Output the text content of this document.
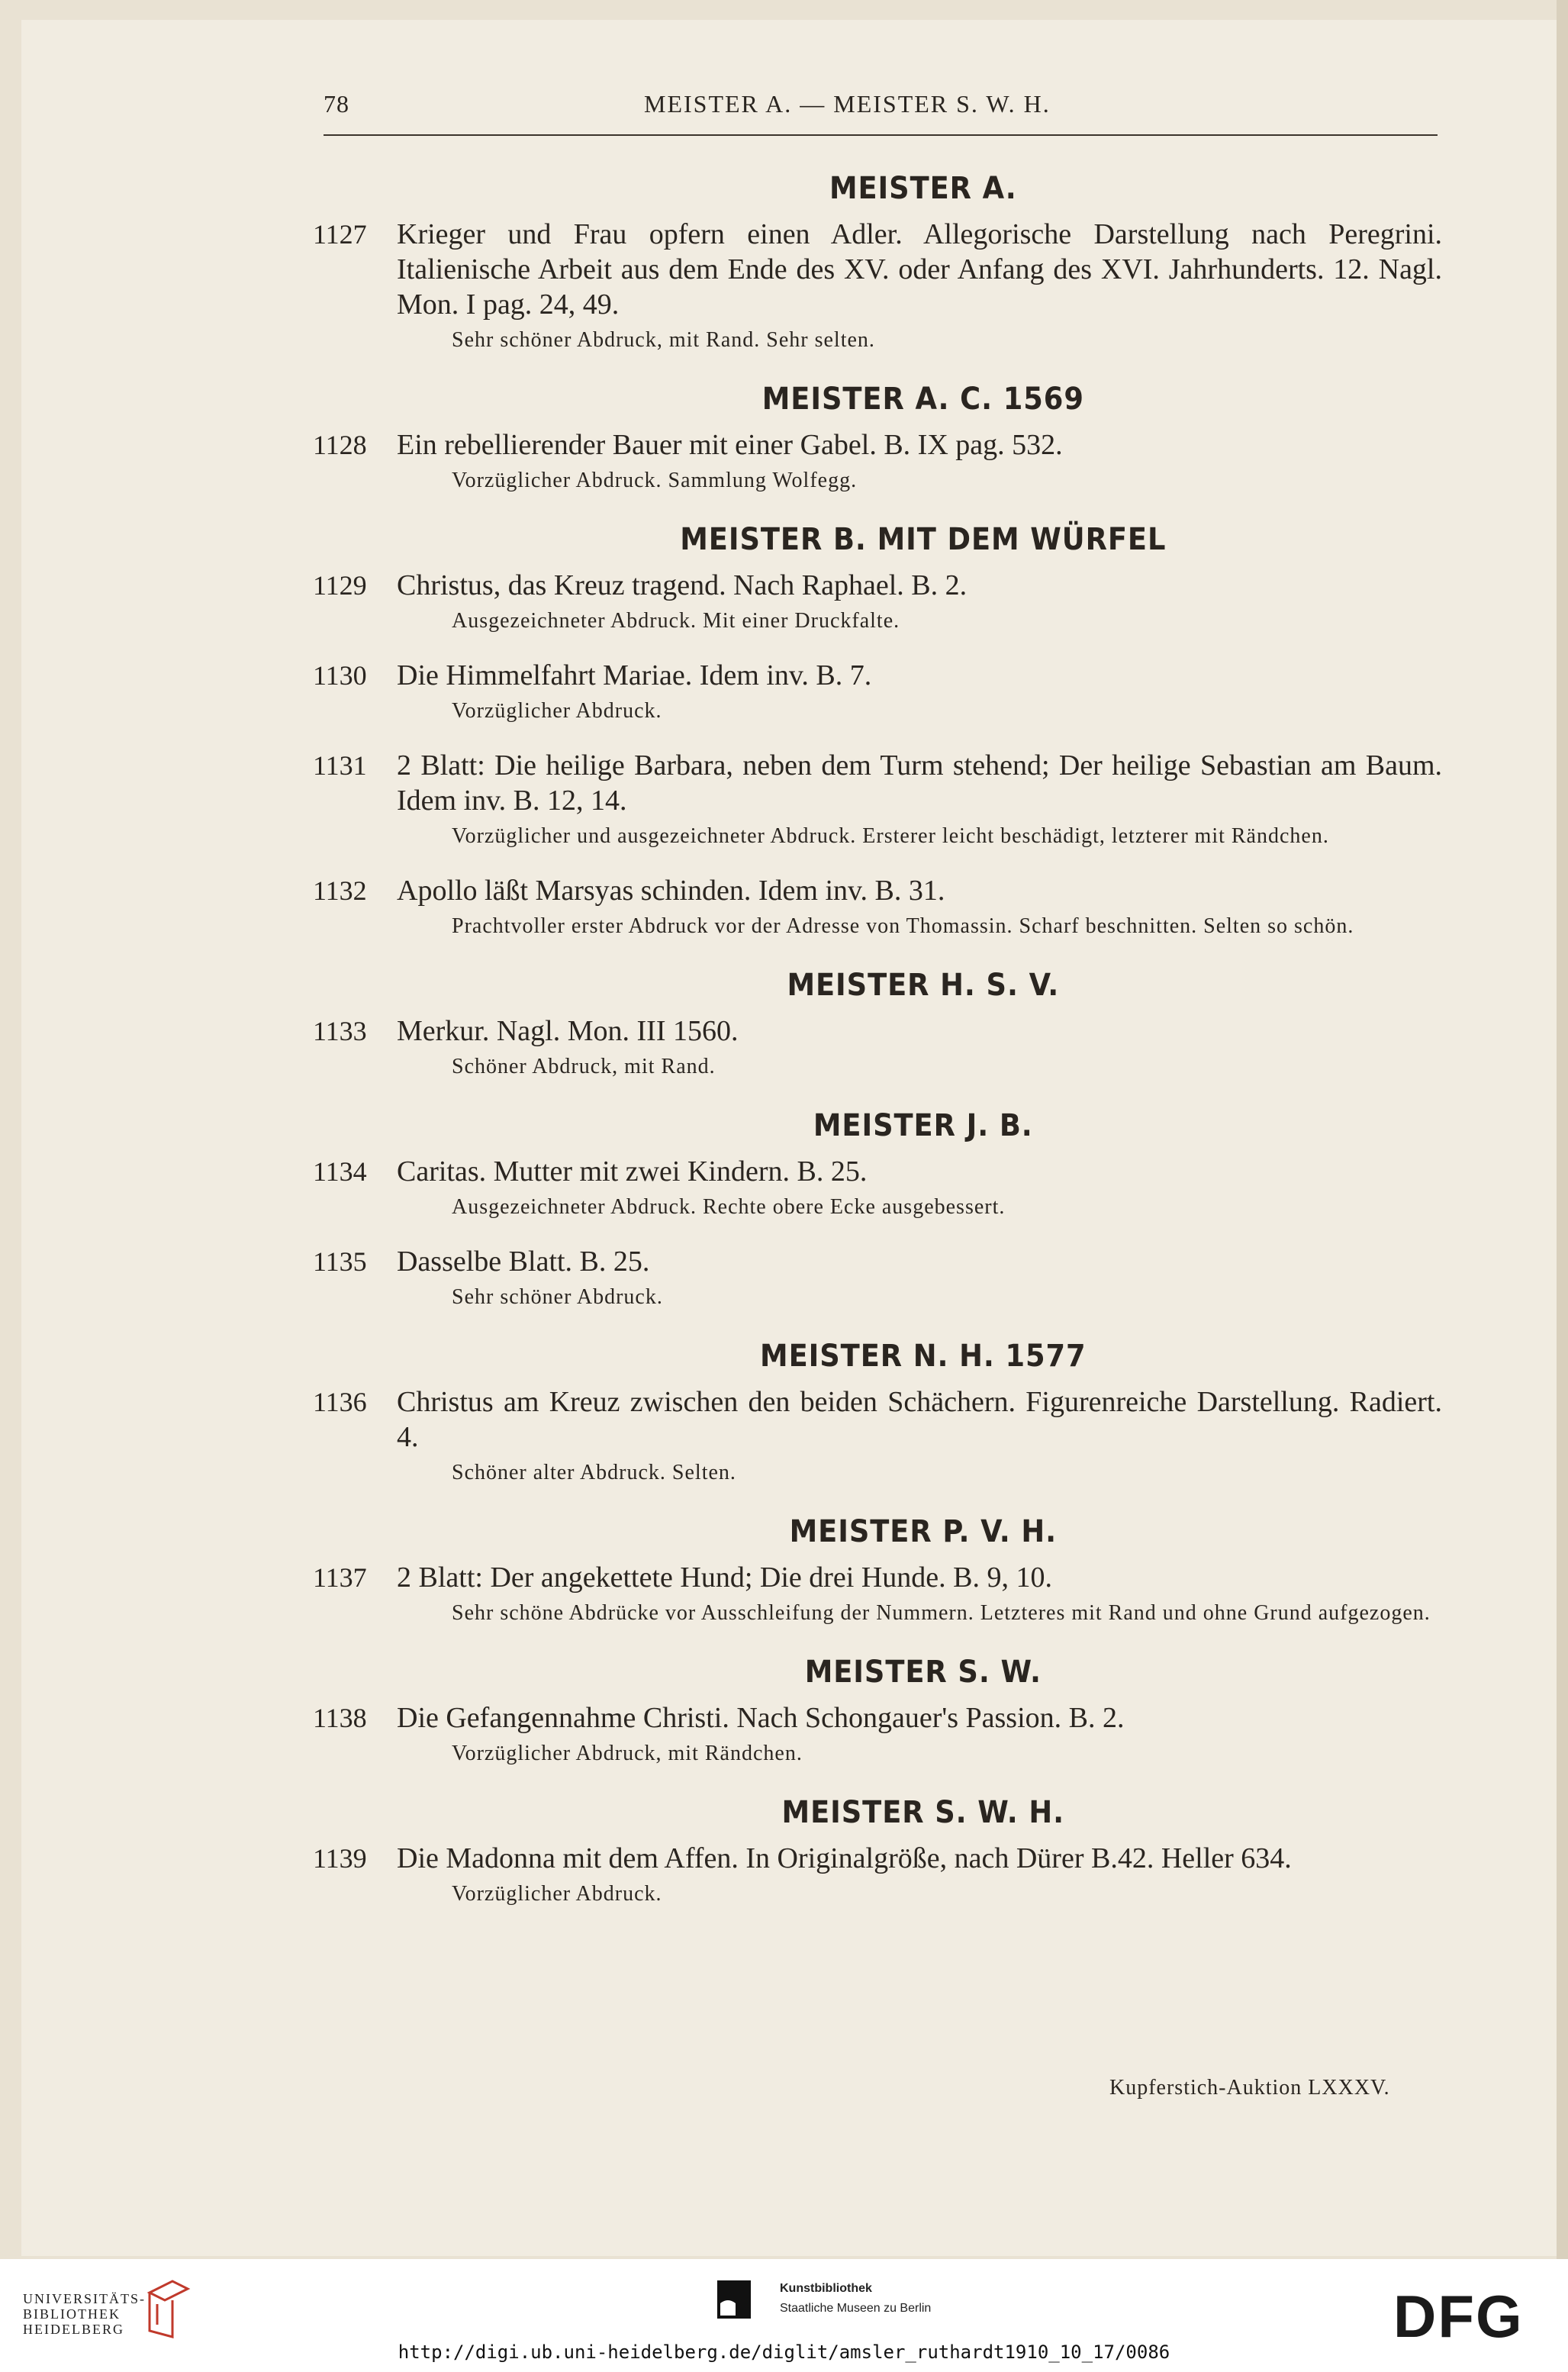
78	MEISTER A. — MEISTER S. W. H.
MEISTER A.
1127	Krieger und Frau opfern einen Adler. Allegorische Darstellung nach Peregrini. Italienische Arbeit aus dem Ende des XV. oder Anfang des XVI. Jahrhunderts. 12. Nagl. Mon. I pag. 24, 49.
Sehr schöner Abdruck, mit Rand. Sehr selten.
MEISTER A. C. 1569
1128	Ein rebellierender Bauer mit einer Gabel. B. IX pag. 532.
Vorzüglicher Abdruck. Sammlung Wolfegg.
MEISTER B. MIT DEM WÜRFEL
1129	Christus, das Kreuz tragend. Nach Raphael. B. 2.
Ausgezeichneter Abdruck. Mit einer Druckfalte.
1130	Die Himmelfahrt Mariae. Idem inv. B. 7.
Vorzüglicher Abdruck.
1131	2 Blatt: Die heilige Barbara, neben dem Turm stehend; Der heilige Sebastian am Baum. Idem inv. B. 12, 14.
Vorzüglicher und ausgezeichneter Abdruck. Ersterer leicht beschädigt, letzterer mit Rändchen.
1132	Apollo läßt Marsyas schinden. Idem inv. B. 31.
Prachtvoller erster Abdruck vor der Adresse von Thomassin. Scharf beschnitten. Selten so schön.
MEISTER H. S. V.
1133	Merkur. Nagl. Mon. III 1560.
Schöner Abdruck, mit Rand.
MEISTER J. B.
1134	Caritas. Mutter mit zwei Kindern. B. 25.
Ausgezeichneter Abdruck. Rechte obere Ecke ausgebessert.
1135	Dasselbe Blatt. B. 25.
Sehr schöner Abdruck.
MEISTER N. H. 1577
1136	Christus am Kreuz zwischen den beiden Schächern. Figurenreiche Darstellung. Radiert. 4.
Schöner alter Abdruck. Selten.
MEISTER P. V. H.
1137	2 Blatt: Der angekettete Hund; Die drei Hunde. B. 9, 10.
Sehr schöne Abdrücke vor Ausschleifung der Nummern. Letzteres mit Rand und ohne Grund aufgezogen.
MEISTER S. W.
1138	Die Gefangennahme Christi. Nach Schongauer's Passion. B. 2.
Vorzüglicher Abdruck, mit Rändchen.
MEISTER S. W. H.
1139	Die Madonna mit dem Affen. In Originalgröße, nach Dürer B.42. Heller 634.
Vorzüglicher Abdruck.
Kupferstich-Auktion LXXXV.
UNIVERSITÄTS-
BIBLIOTHEK
HEIDELBERG
Kunstbibliothek
Staatliche Museen zu Berlin	DFG
http://digi.ub.uni-heidelberg.de/diglit/amsler_ruthardt1910_10_17/0086
